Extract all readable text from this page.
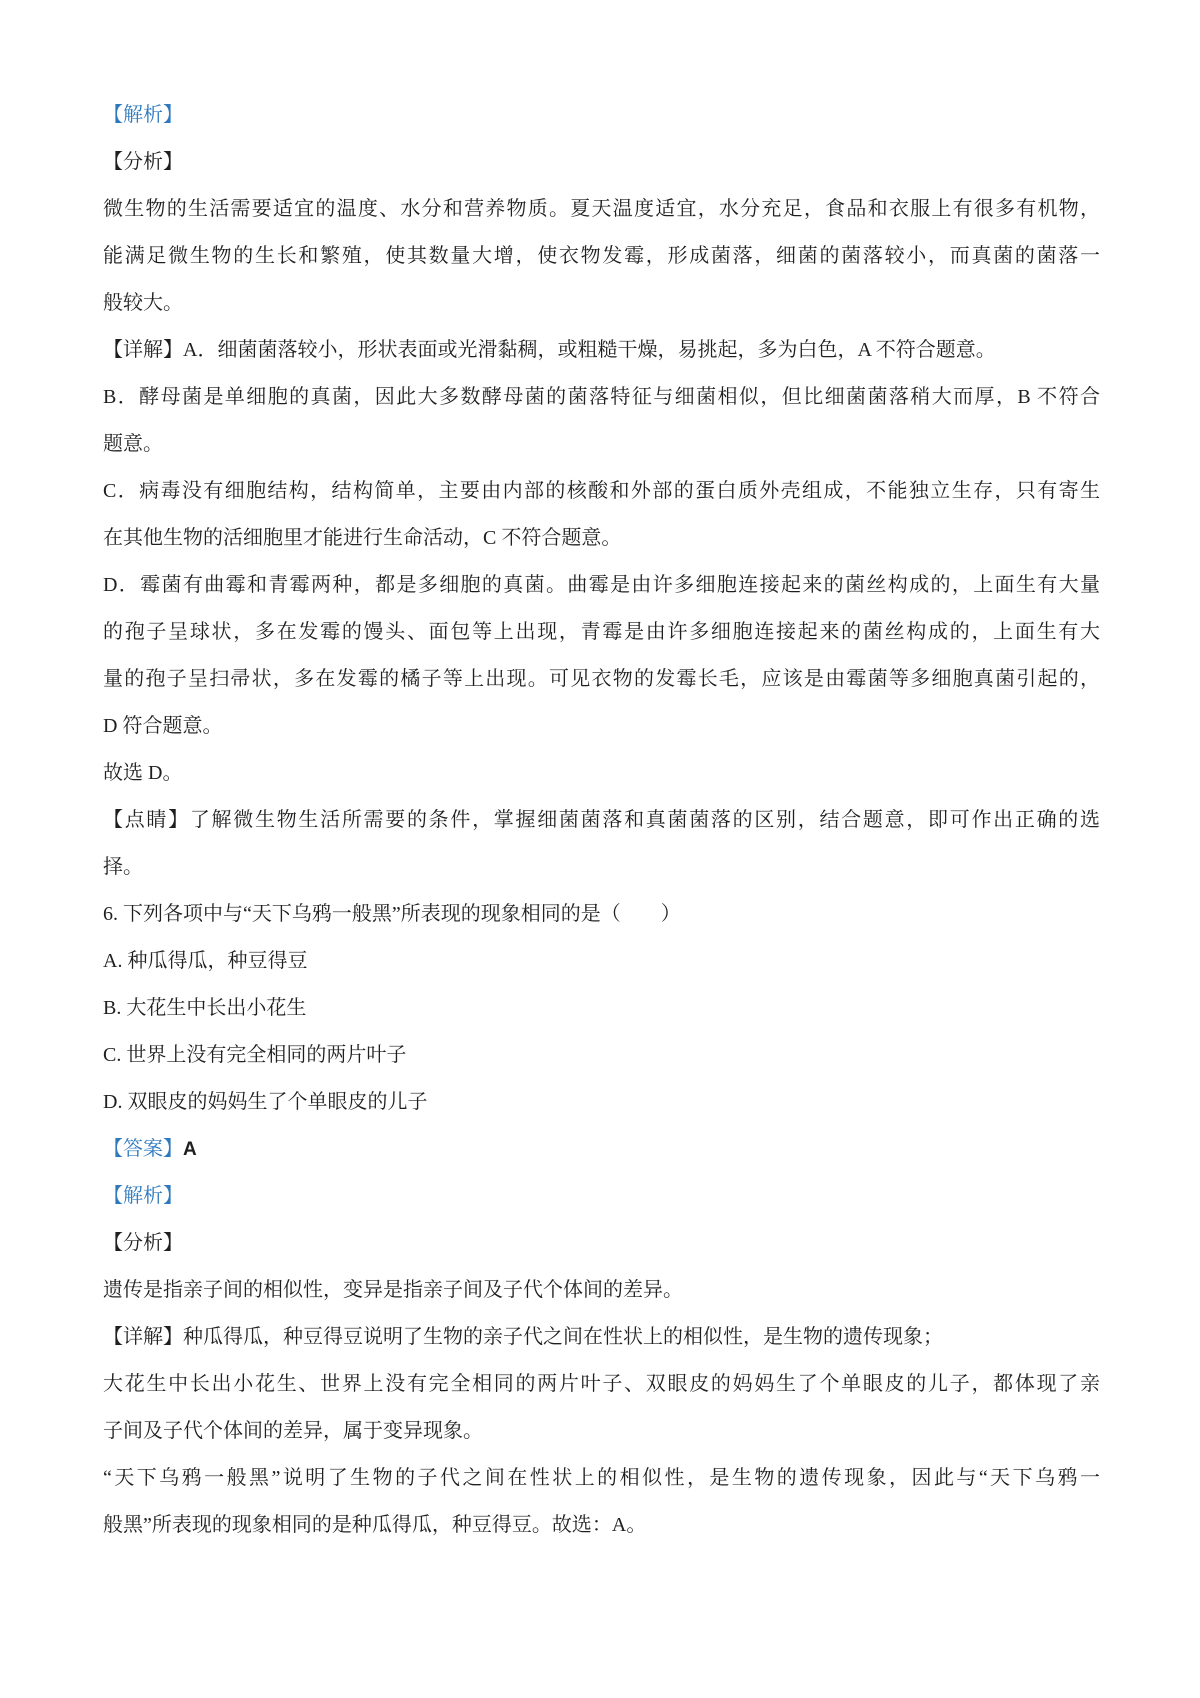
【解析】
【分析】
微生物的生活需要适宜的温度、水分和营养物质。夏天温度适宜，水分充足，食品和衣服上有很多有机物，
能满足微生物的生长和繁殖，使其数量大增，使衣物发霉，形成菌落，细菌的菌落较小，而真菌的菌落一
般较大。
【详解】A．细菌菌落较小，形状表面或光滑黏稠，或粗糙干燥，易挑起，多为白色，A 不符合题意。
B．酵母菌是单细胞的真菌，因此大多数酵母菌的菌落特征与细菌相似，但比细菌菌落稍大而厚，B 不符合
题意。
C．病毒没有细胞结构，结构简单，主要由内部的核酸和外部的蛋白质外壳组成，不能独立生存，只有寄生
在其他生物的活细胞里才能进行生命活动，C 不符合题意。
D．霉菌有曲霉和青霉两种，都是多细胞的真菌。曲霉是由许多细胞连接起来的菌丝构成的，上面生有大量
的孢子呈球状，多在发霉的馒头、面包等上出现，青霉是由许多细胞连接起来的菌丝构成的，上面生有大
量的孢子呈扫帚状，多在发霉的橘子等上出现。可见衣物的发霉长毛，应该是由霉菌等多细胞真菌引起的，
D 符合题意。
故选 D。
【点睛】了解微生物生活所需要的条件，掌握细菌菌落和真菌菌落的区别，结合题意，即可作出正确的选
择。
6. 下列各项中与“天下乌鸦一般黑”所表现的现象相同的是（　　）
A. 种瓜得瓜，种豆得豆
B. 大花生中长出小花生
C. 世界上没有完全相同的两片叶子
D. 双眼皮的妈妈生了个单眼皮的儿子
【答案】A
【解析】
【分析】
遗传是指亲子间的相似性，变异是指亲子间及子代个体间的差异。
【详解】种瓜得瓜，种豆得豆说明了生物的亲子代之间在性状上的相似性，是生物的遗传现象；
大花生中长出小花生、世界上没有完全相同的两片叶子、双眼皮的妈妈生了个单眼皮的儿子，都体现了亲
子间及子代个体间的差异，属于变异现象。
“天下乌鸦一般黑”说明了生物的子代之间在性状上的相似性，是生物的遗传现象，因此与“天下乌鸦一
般黑”所表现的现象相同的是种瓜得瓜，种豆得豆。故选：A。
